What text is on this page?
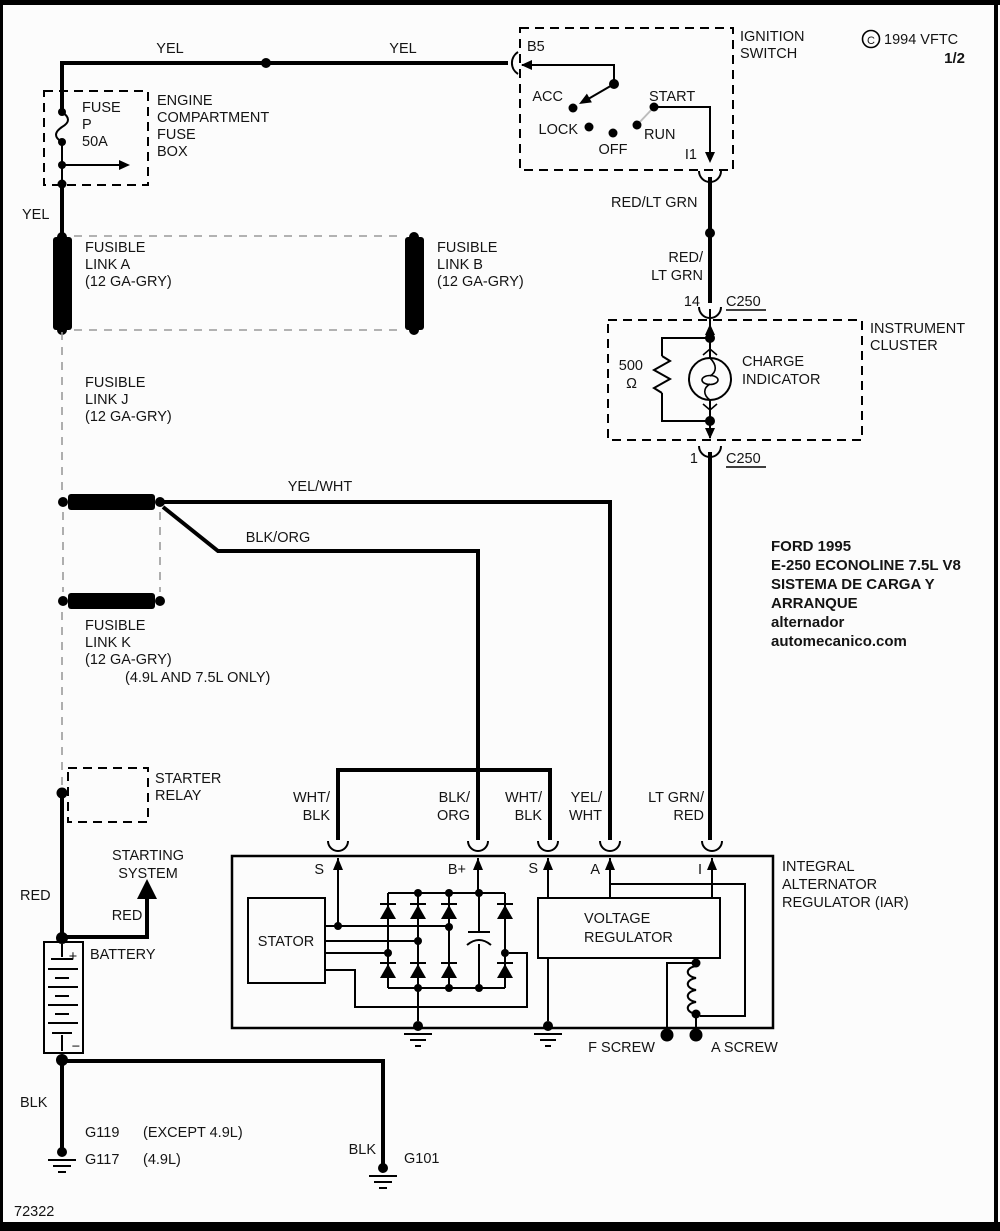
YEL	YEL
FUSE
P
50A
ENGINE
COMPARTMENT
FUSE
BOX
YEL
B5
ACC
LOCK
OFF
RUN
START
I1
IGNITION
SWITCH
C 1994 VFTC
1/2
FUSIBLE
LINK A
(12 GA-GRY)
FUSIBLE
LINK B
(12 GA-GRY)
FUSIBLE
LINK J
(12 GA-GRY)
FUSIBLE
LINK K
(12 GA-GRY)
(4.9L AND 7.5L ONLY)
YEL/WHT
BLK/ORG
RED/LT GRN
RED/
LT GRN
14 C250
500
Ω
CHARGE
INDICATOR
INSTRUMENT
CLUSTER
1 C250
FORD 1995
E-250 ECONOLINE 7.5L V8
SISTEMA DE CARGA Y
ARRANQUE
alternador
automecanico.com
STARTER
RELAY
STARTING
SYSTEM
RED
RED
+
−
BATTERY
WHT/
BLK
BLK/
ORG
WHT/
BLK
YEL/
WHT
LT GRN/
RED
INTEGRAL
ALTERNATOR
REGULATOR (IAR)
S	B+	S	A	I
STATOR
VOLTAGE
REGULATOR
F SCREW	A SCREW
BLK
G119 (EXCEPT 4.9L)
G117 (4.9L)
BLK
G101
72322
